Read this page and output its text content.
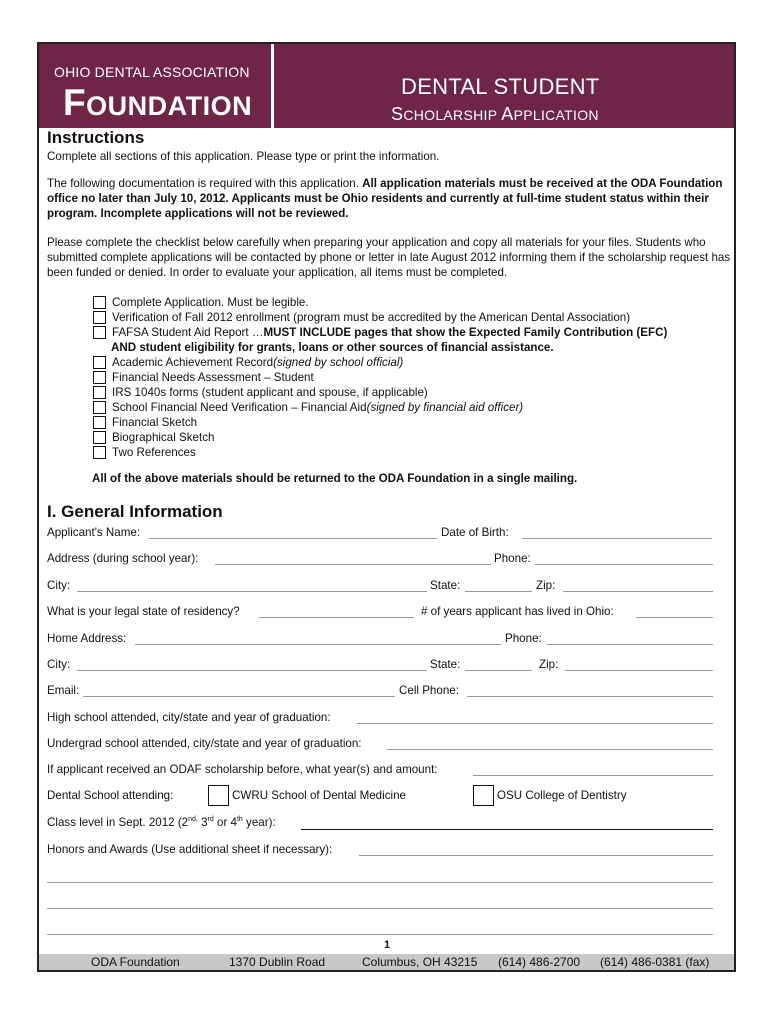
OHIO DENTAL ASSOCIATION
FOUNDATION
DENTAL STUDENT
SCHOLARSHIP APPLICATION
Instructions
Complete all sections of this application. Please type or print the information.
The following documentation is required with this application. All application materials must be received at the ODA Foundation office no later than July 10, 2012. Applicants must be Ohio residents and currently at full-time student status within their program. Incomplete applications will not be reviewed.
Please complete the checklist below carefully when preparing your application and copy all materials for your files. Students who submitted complete applications will be contacted by phone or letter in late August 2012 informing them if the scholarship request has been funded or denied. In order to evaluate your application, all items must be completed.
Complete Application. Must be legible.
Verification of Fall 2012 enrollment (program must be accredited by the American Dental Association)
FAFSA Student Aid Report … MUST INCLUDE pages that show the Expected Family Contribution (EFC)
AND student eligibility for grants, loans or other sources of financial assistance.
Academic Achievement Record (signed by school official)
Financial Needs Assessment – Student
IRS 1040s forms (student applicant and spouse, if applicable)
School Financial Need Verification – Financial Aid (signed by financial aid officer)
Financial Sketch
Biographical Sketch
Two References
All of the above materials should be returned to the ODA Foundation in a single mailing.
I. General Information
Applicant's Name:	Date of Birth:
Address (during school year):	Phone:
City:	State:	Zip:
What is your legal state of residency?	# of years applicant has lived in Ohio:
Home Address:	Phone:
City:	State:	Zip:
Email:	Cell Phone:
High school attended, city/state and year of graduation:
Undergrad school attended, city/state and year of graduation:
If applicant received an ODAF scholarship before, what year(s) and amount:
Dental School attending:	CWRU School of Dental Medicine	OSU College of Dentistry
Class level in Sept. 2012 ($2^{nd,}$ 3rd or 4th year):
Honors and Awards (Use additional sheet if necessary):
1
ODA Foundation	1370 Dublin Road	Columbus, OH 43215 (614) 486-2700 (614) 486-0381 (fax)
